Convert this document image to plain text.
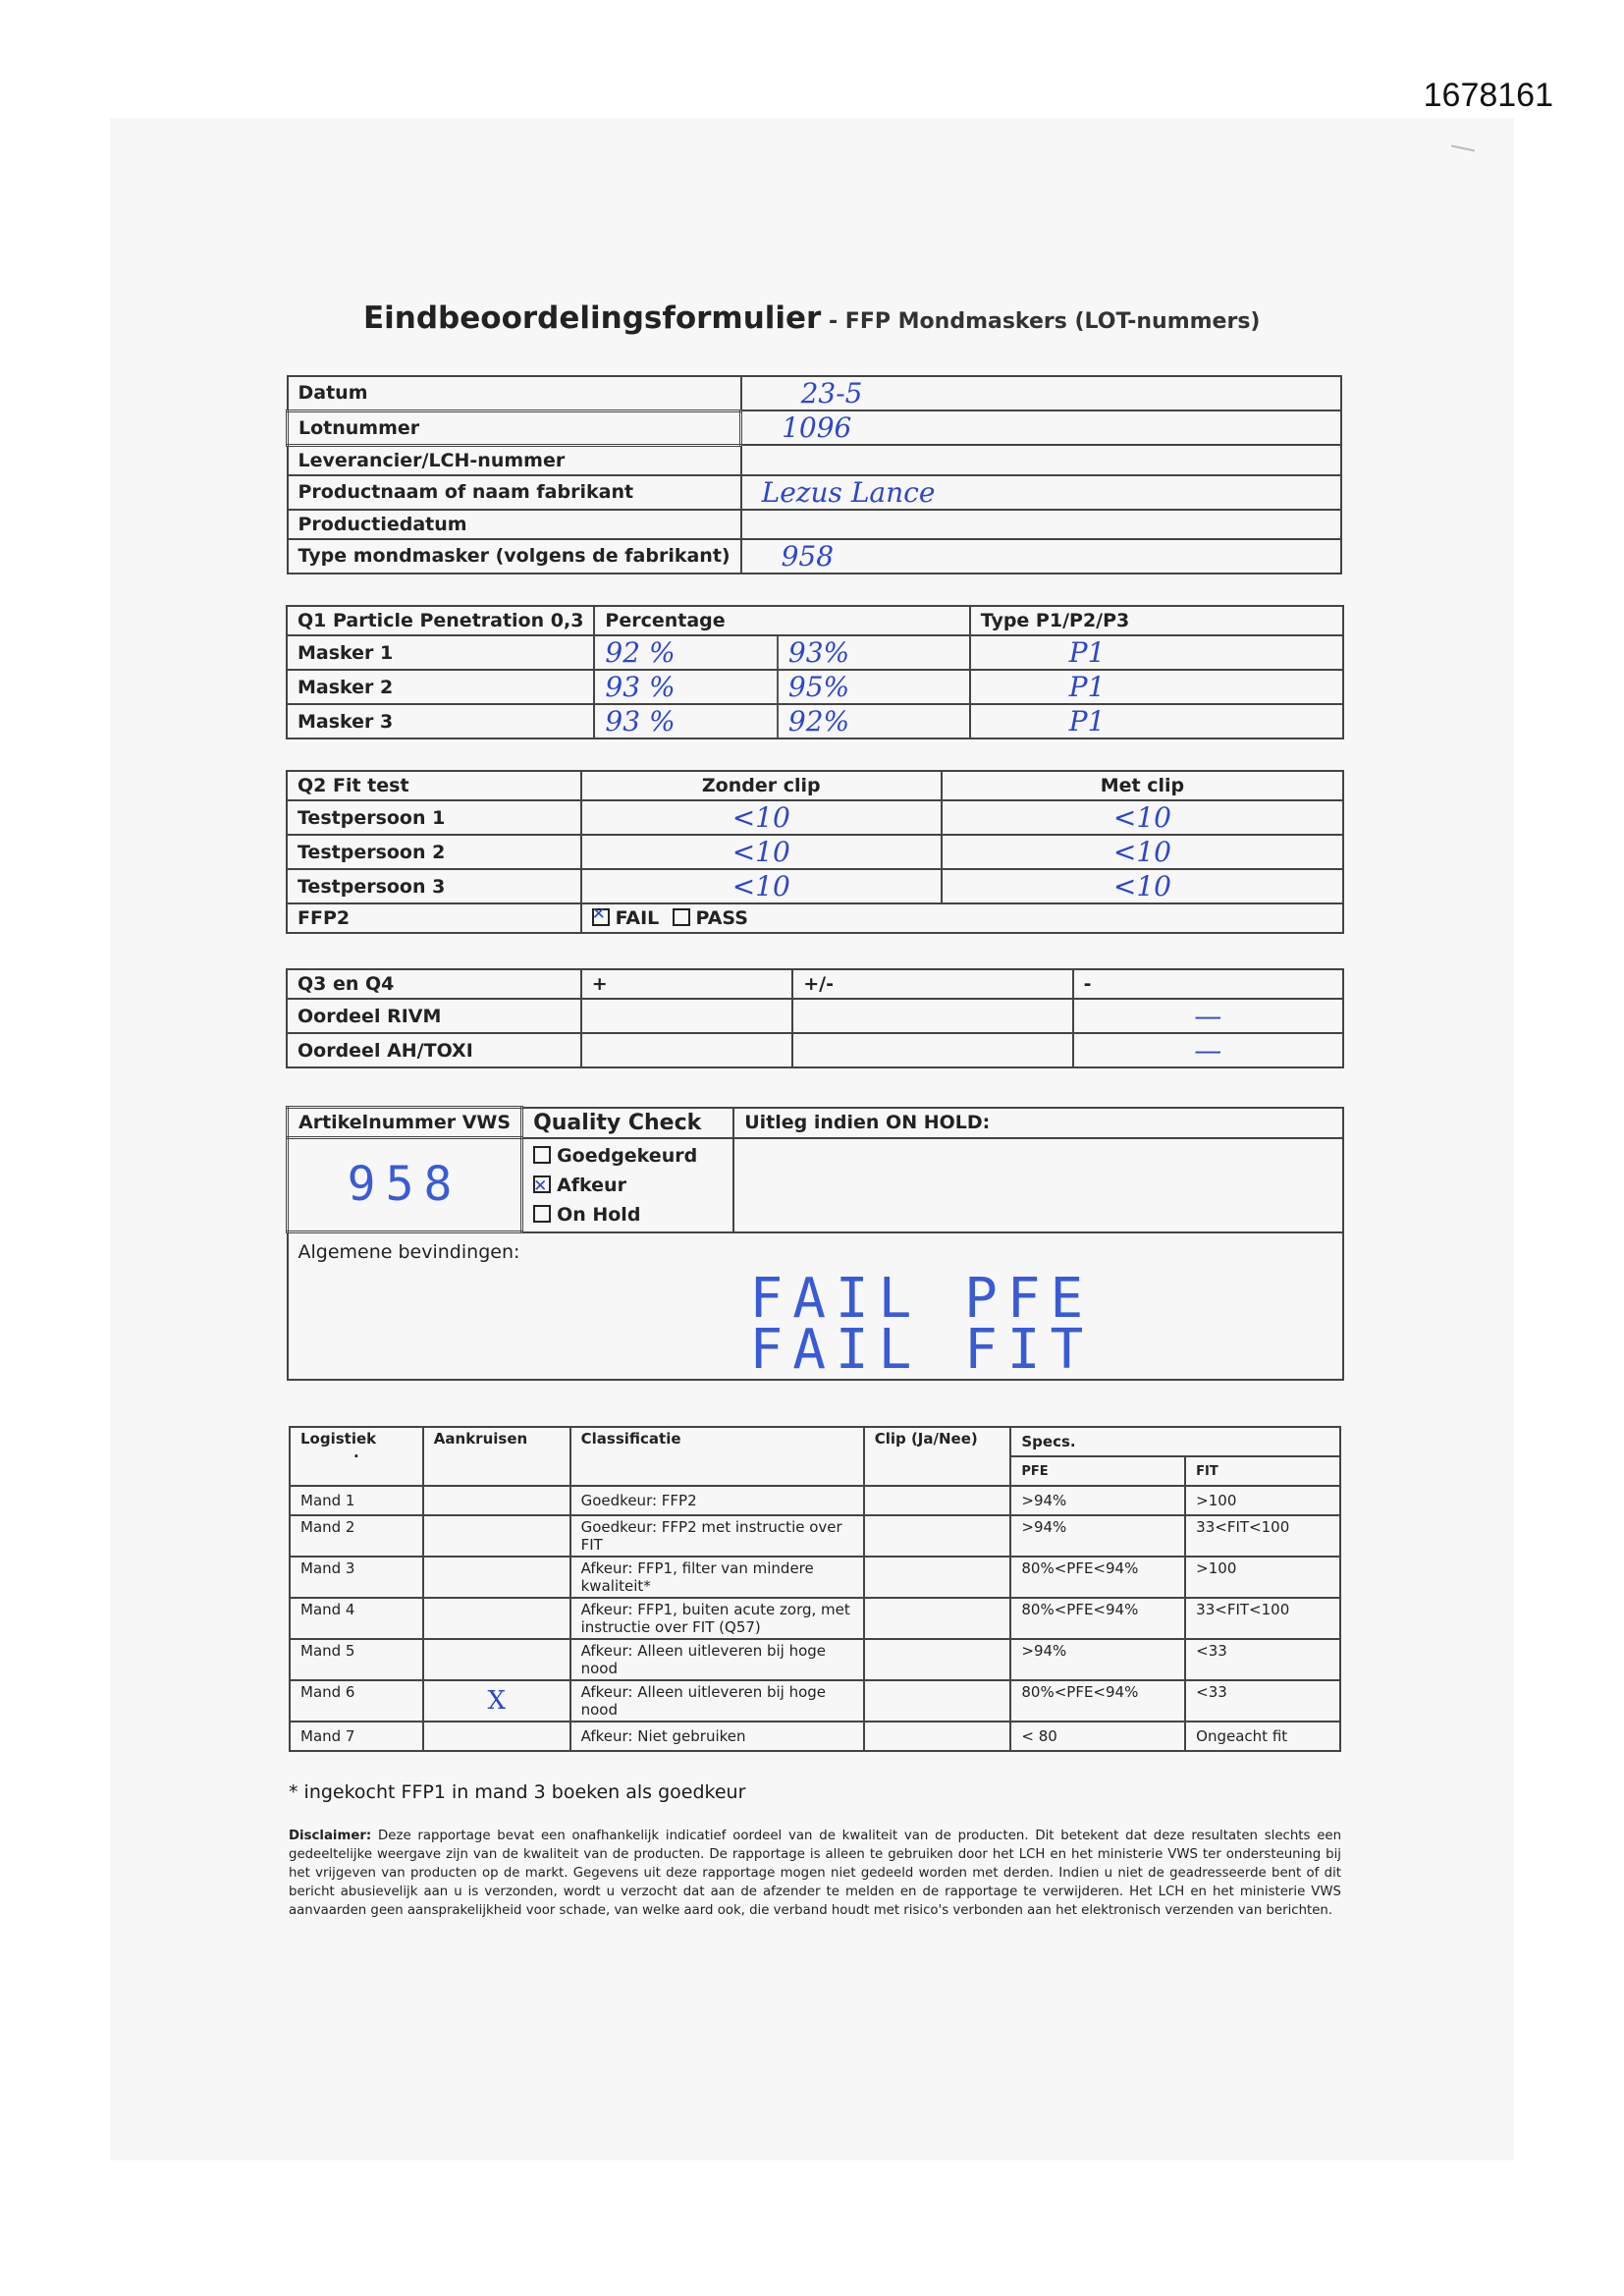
1678161
Eindbeoordelingsformulier - FFP Mondmaskers (LOT-nummers)
Datum	23-5
Lotnummer	1096
Leverancier/LCH-nummer	
Productnaam of naam fabrikant	Lezus Lance
Productiedatum	
Type mondmasker (volgens de fabrikant)	958
Q1 Particle Penetration 0,3	Percentage		Type P1/P2/P3
Masker 1	92 %	93%	P1
Masker 2	93 %	95%	P1
Masker 3	93 %	92%	P1
Q2 Fit test	Zonder clip	Met clip
Testpersoon 1	<10	<10
Testpersoon 2	<10	<10
Testpersoon 3	<10	<10
FFP2	✕FAIL PASS
Q3 en Q4	+	+/-	-
Oordeel RIVM			—
Oordeel AH/TOXI			—
Artikelnummer VWS	Quality Check	Uitleg indien ON HOLD:
958	Goedgekeurd
✕Afkeur
On Hold

Algemene bevindingen:
FAIL PFE
FAIL FIT		
Logistiek
·	Aankruisen	Classificatie	Clip (Ja/Nee)	Specs.	
				PFE	FIT
Mand 1		Goedkeur: FFP2		>94%	>100
Mand 2		Goedkeur: FFP2 met instructie over FIT		>94%	33<FIT<100
Mand 3		Afkeur: FFP1, filter van mindere kwaliteit*		80%<PFE<94%	>100
Mand 4		Afkeur: FFP1, buiten acute zorg, met instructie over FIT (Q57)		80%<PFE<94%	33<FIT<100
Mand 5		Afkeur: Alleen uitleveren bij hoge nood		>94%	<33
Mand 6	X	Afkeur: Alleen uitleveren bij hoge nood		80%<PFE<94%	<33
Mand 7		Afkeur: Niet gebruiken		< 80	Ongeacht fit
* ingekocht FFP1 in mand 3 boeken als goedkeur
Disclaimer: Deze rapportage bevat een onafhankelijk indicatief oordeel van de kwaliteit van de producten. Dit betekent dat deze resultaten slechts een gedeeltelijke weergave zijn van de kwaliteit van de producten. De rapportage is alleen te gebruiken door het LCH en het ministerie VWS ter ondersteuning bij het vrijgeven van producten op de markt. Gegevens uit deze rapportage mogen niet gedeeld worden met derden. Indien u niet de geadresseerde bent of dit bericht abusievelijk aan u is verzonden, wordt u verzocht dat aan de afzender te melden en de rapportage te verwijderen. Het LCH en het ministerie VWS aanvaarden geen aansprakelijkheid voor schade, van welke aard ook, die verband houdt met risico's verbonden aan het elektronisch verzenden van berichten.
